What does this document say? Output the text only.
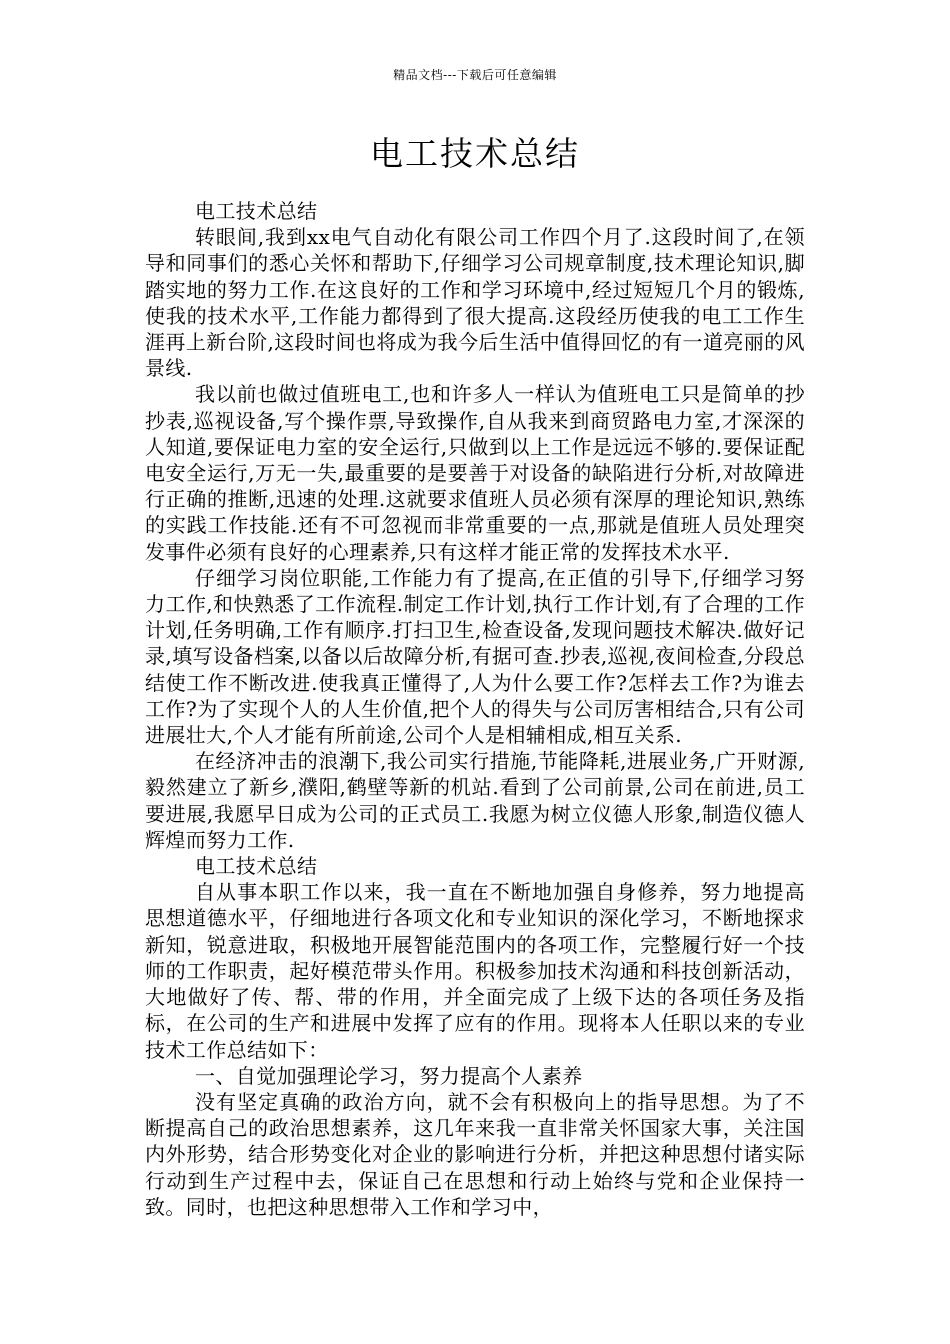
精品文档---下载后可任意编辑
电工技术总结

电工技术总结

转眼间,我到xx电气自动化有限公司工作四个月了.这段时间了,在领导和同事们的悉心关怀和帮助下,仔细学习公司规章制度,技术理论知识,脚踏实地的努力工作.在这良好的工作和学习环境中,经过短短几个月的锻炼,使我的技术水平,工作能力都得到了很大提高.这段经历使我的电工工作生涯再上新台阶,这段时间也将成为我今后生活中值得回忆的有一道亮丽的风景线.

我以前也做过值班电工,也和许多人一样认为值班电工只是简单的抄抄表,巡视设备,写个操作票,导致操作,自从我来到商贸路电力室,才深深的人知道,要保证电力室的安全运行,只做到以上工作是远远不够的.要保证配电安全运行,万无一失,最重要的是要善于对设备的缺陷进行分析,对故障进行正确的推断,迅速的处理.这就要求值班人员必须有深厚的理论知识,熟练的实践工作技能.还有不可忽视而非常重要的一点,那就是值班人员处理突发事件必须有良好的心理素养,只有这样才能正常的发挥技术水平.

仔细学习岗位职能,工作能力有了提高,在正值的引导下,仔细学习努力工作,和快熟悉了工作流程.制定工作计划,执行工作计划,有了合理的工作计划,任务明确,工作有顺序.打扫卫生,检查设备,发现问题技术解决.做好记录,填写设备档案,以备以后故障分析,有据可查.抄表,巡视,夜间检查,分段总结使工作不断改进.使我真正懂得了,人为什么要工作?怎样去工作?为谁去工作?为了实现个人的人生价值,把个人的得失与公司厉害相结合,只有公司进展壮大,个人才能有所前途,公司个人是相辅相成,相互关系.

在经济冲击的浪潮下,我公司实行措施,节能降耗,进展业务,广开财源,毅然建立了新乡,濮阳,鹤壁等新的机站.看到了公司前景,公司在前进,员工要进展,我愿早日成为公司的正式员工.我愿为树立仪德人形象,制造仪德人辉煌而努力工作.

电工技术总结

自从事本职工作以来，我一直在不断地加强自身修养，努力地提高思想道德水平，仔细地进行各项文化和专业知识的深化学习，不断地探求新知，锐意进取，积极地开展智能范围内的各项工作，完整履行好一个技师的工作职责，起好模范带头作用。积极参加技术沟通和科技创新活动，大地做好了传、帮、带的作用，并全面完成了上级下达的各项任务及指标，在公司的生产和进展中发挥了应有的作用。现将本人任职以来的专业技术工作总结如下：

一、自觉加强理论学习，努力提高个人素养

没有坚定真确的政治方向，就不会有积极向上的指导思想。为了不断提高自己的政治思想素养，这几年来我一直非常关怀国家大事，关注国内外形势，结合形势变化对企业的影响进行分析，并把这种思想付诸实际行动到生产过程中去，保证自己在思想和行动上始终与党和企业保持一致。同时，也把这种思想带入工作和学习中，
